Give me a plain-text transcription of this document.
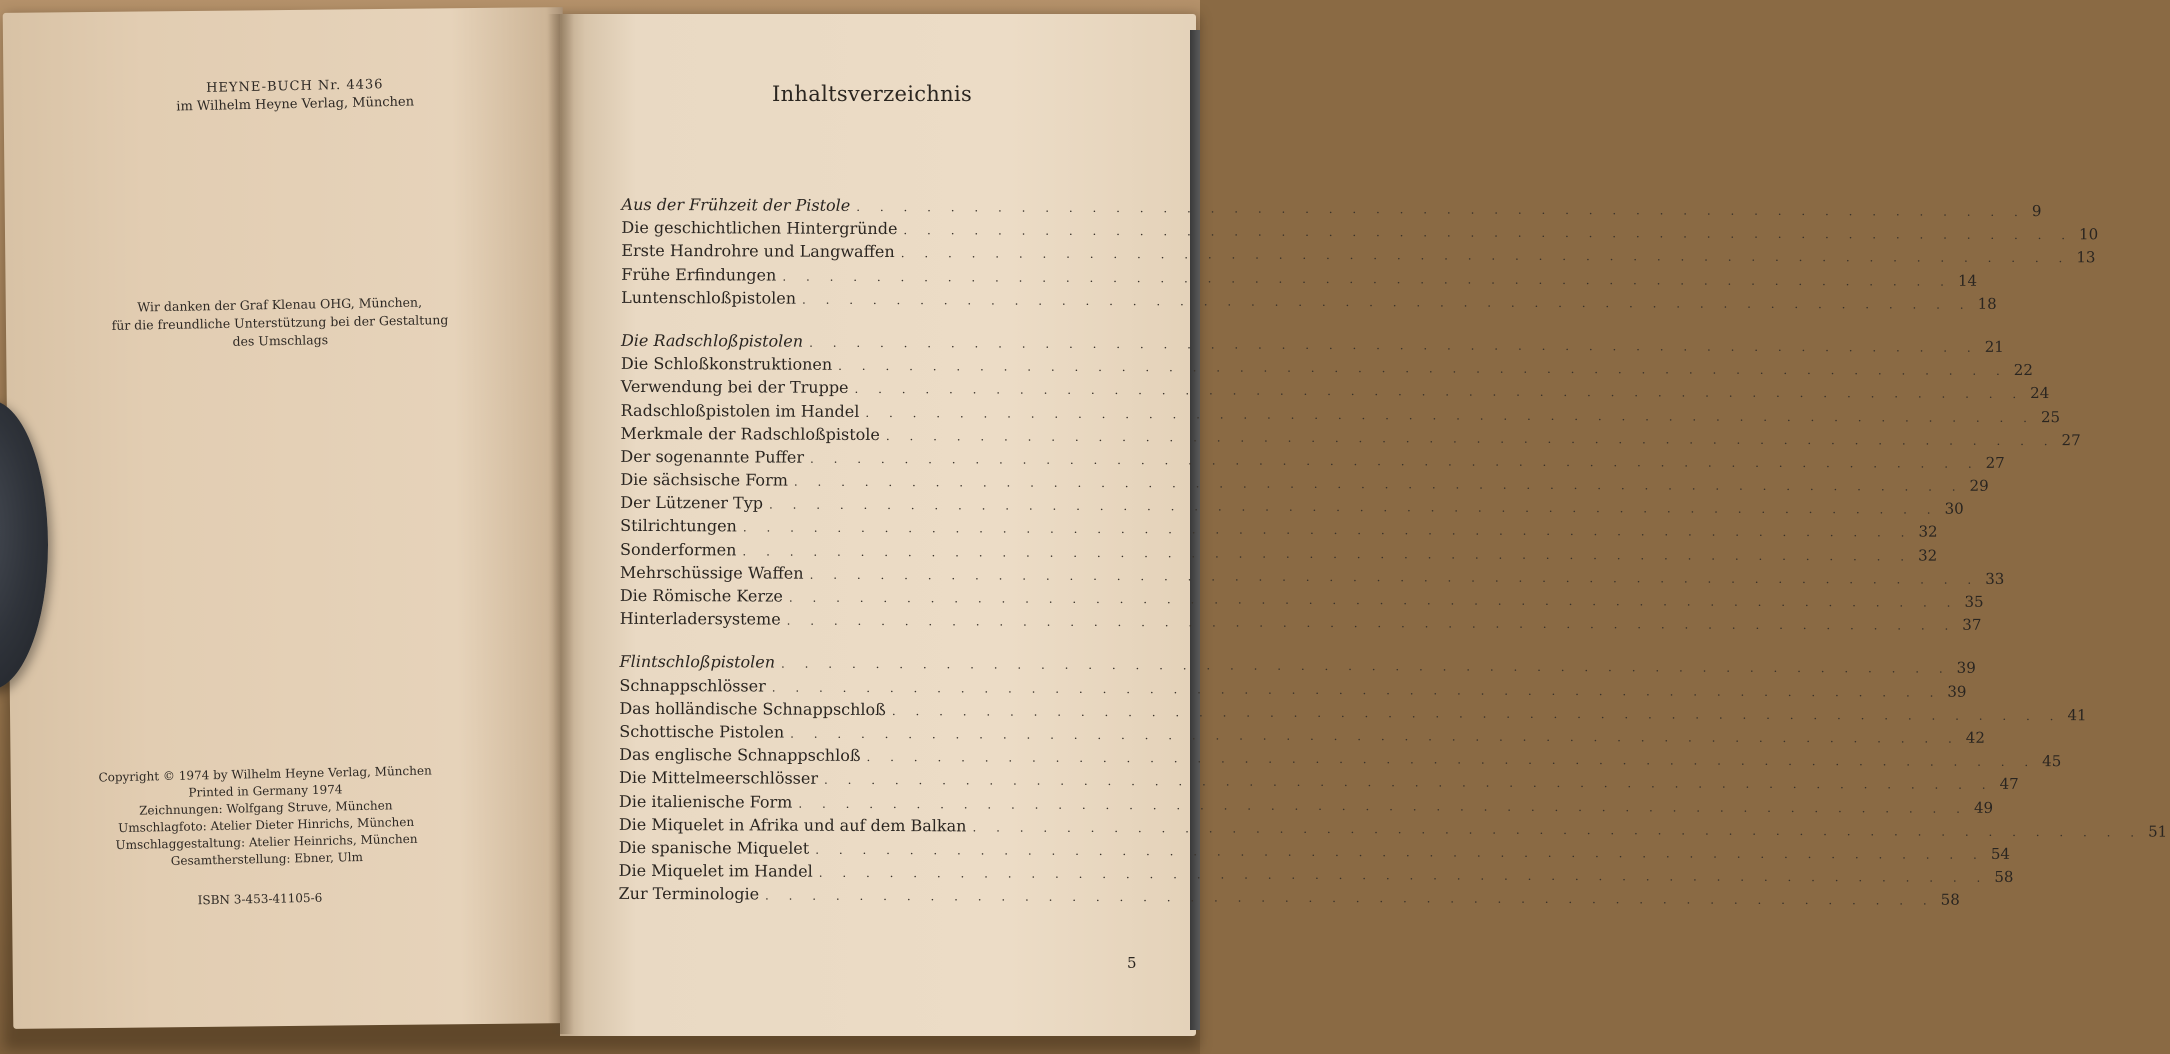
HEYNE-BUCH Nr. 4436
im Wilhelm Heyne Verlag, München
Wir danken der Graf Klenau OHG, München,
für die freundliche Unterstützung bei der Gestaltung
des Umschlags
Copyright © 1974 by Wilhelm Heyne Verlag, München
Printed in Germany 1974
Zeichnungen: Wolfgang Struve, München
Umschlagfoto: Atelier Dieter Hinrichs, München
Umschlaggestaltung: Atelier Heinrichs, München
Gesamtherstellung: Ebner, Ulm
ISBN 3-453-41105-6
Inhaltsverzeichnis
Aus der Frühzeit der Pistole . . . . . . . . . . . . . . . . . . . . . . . . . . . . . . . . . . . . . . . . . . . . . . . . . . 9
Die geschichtlichen Hintergründe . . . . . . . . . . . . . . . . . . . . . . . . . . . . . . . . . . . . . . . . . . . . . . . . . . 10
Erste Handrohre und Langwaffen . . . . . . . . . . . . . . . . . . . . . . . . . . . . . . . . . . . . . . . . . . . . . . . . . . 13
Frühe Erfindungen . . . . . . . . . . . . . . . . . . . . . . . . . . . . . . . . . . . . . . . . . . . . . . . . . . 14
Luntenschloßpistolen . . . . . . . . . . . . . . . . . . . . . . . . . . . . . . . . . . . . . . . . . . . . . . . . . . 18
Die Radschloßpistolen . . . . . . . . . . . . . . . . . . . . . . . . . . . . . . . . . . . . . . . . . . . . . . . . . . 21
Die Schloßkonstruktionen . . . . . . . . . . . . . . . . . . . . . . . . . . . . . . . . . . . . . . . . . . . . . . . . . . 22
Verwendung bei der Truppe . . . . . . . . . . . . . . . . . . . . . . . . . . . . . . . . . . . . . . . . . . . . . . . . . . 24
Radschloßpistolen im Handel . . . . . . . . . . . . . . . . . . . . . . . . . . . . . . . . . . . . . . . . . . . . . . . . . . 25
Merkmale der Radschloßpistole . . . . . . . . . . . . . . . . . . . . . . . . . . . . . . . . . . . . . . . . . . . . . . . . . . 27
Der sogenannte Puffer . . . . . . . . . . . . . . . . . . . . . . . . . . . . . . . . . . . . . . . . . . . . . . . . . . 27
Die sächsische Form . . . . . . . . . . . . . . . . . . . . . . . . . . . . . . . . . . . . . . . . . . . . . . . . . . 29
Der Lützener Typ . . . . . . . . . . . . . . . . . . . . . . . . . . . . . . . . . . . . . . . . . . . . . . . . . . 30
Stilrichtungen . . . . . . . . . . . . . . . . . . . . . . . . . . . . . . . . . . . . . . . . . . . . . . . . . . 32
Sonderformen . . . . . . . . . . . . . . . . . . . . . . . . . . . . . . . . . . . . . . . . . . . . . . . . . . 32
Mehrschüssige Waffen . . . . . . . . . . . . . . . . . . . . . . . . . . . . . . . . . . . . . . . . . . . . . . . . . . 33
Die Römische Kerze . . . . . . . . . . . . . . . . . . . . . . . . . . . . . . . . . . . . . . . . . . . . . . . . . . 35
Hinterladersysteme . . . . . . . . . . . . . . . . . . . . . . . . . . . . . . . . . . . . . . . . . . . . . . . . . . 37
Flintschloßpistolen . . . . . . . . . . . . . . . . . . . . . . . . . . . . . . . . . . . . . . . . . . . . . . . . . . 39
Schnappschlösser . . . . . . . . . . . . . . . . . . . . . . . . . . . . . . . . . . . . . . . . . . . . . . . . . . 39
Das holländische Schnappschloß . . . . . . . . . . . . . . . . . . . . . . . . . . . . . . . . . . . . . . . . . . . . . . . . . . 41
Schottische Pistolen . . . . . . . . . . . . . . . . . . . . . . . . . . . . . . . . . . . . . . . . . . . . . . . . . . 42
Das englische Schnappschloß . . . . . . . . . . . . . . . . . . . . . . . . . . . . . . . . . . . . . . . . . . . . . . . . . . 45
Die Mittelmeerschlösser . . . . . . . . . . . . . . . . . . . . . . . . . . . . . . . . . . . . . . . . . . . . . . . . . . 47
Die italienische Form . . . . . . . . . . . . . . . . . . . . . . . . . . . . . . . . . . . . . . . . . . . . . . . . . . 49
Die Miquelet in Afrika und auf dem Balkan . . . . . . . . . . . . . . . . . . . . . . . . . . . . . . . . . . . . . . . . . . . . . . . . . . 51
Die spanische Miquelet . . . . . . . . . . . . . . . . . . . . . . . . . . . . . . . . . . . . . . . . . . . . . . . . . . 54
Die Miquelet im Handel . . . . . . . . . . . . . . . . . . . . . . . . . . . . . . . . . . . . . . . . . . . . . . . . . . 58
Zur Terminologie . . . . . . . . . . . . . . . . . . . . . . . . . . . . . . . . . . . . . . . . . . . . . . . . . . 58
5
